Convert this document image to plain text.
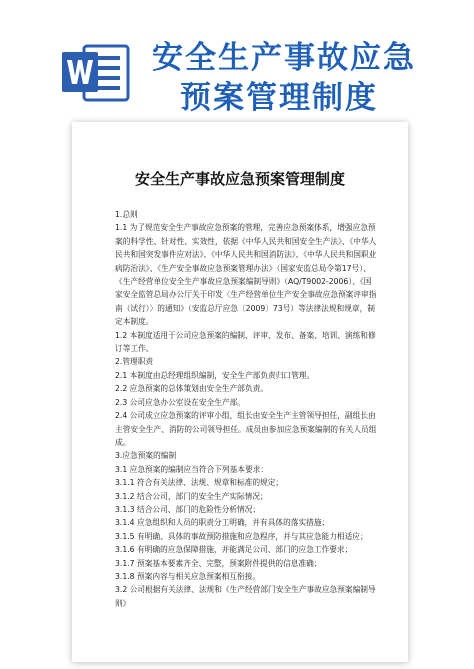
安全生产事故应急
预案管理制度
安全生产事故应急预案管理制度

1.总则

1.1 为了规范安全生产事故应急预案的管理，完善应急预案体系，增强应急预案的科学性、针对性、实效性，依据《中华人民共和国安全生产法》、《中华人民共和国突发事件应对法》、《中华人民共和国消防法》、《中华人民共和国职业病防治法》、《生产安全事故应急预案管理办法》（国家安监总局令第17号）、《生产经营单位安全生产事故应急预案编制导则》（AQ/T9002-2006）、《国家安全监管总局办公厅关于印发〈生产经营单位生产安全事故应急预案评审指南（试行）〉的通知》（安监总厅应急〔2009〕73号）等法律法规和规章，制定本制度。

1.2 本制度适用于公司应急预案的编制、评审、发布、备案、培训、演练和修订等工作。

2.管理职责

2.1 本制度由总经理组织编制，安全生产部负责归口管理。

2.2 应急预案的总体策划由安全生产部负责。

2.3 公司应急办公室设在安全生产部。

2.4 公司成立应急预案的评审小组，组长由安全生产主管领导担任，副组长由主管安全生产、消防的公司领导担任。成员由参加应急预案编制的有关人员组成。

3.应急预案的编制

3.1 应急预案的编制应当符合下列基本要求：

3.1.1 符合有关法律、法规、规章和标准的规定；

3.1.2 结合公司、部门的安全生产实际情况；

3.1.3 结合公司、部门的危险性分析情况；

3.1.4 应急组织和人员的职责分工明确，并有具体的落实措施；

3.1.5 有明确、具体的事故预防措施和应急程序，并与其应急能力相适应；

3.1.6 有明确的应急保障措施，并能满足公司、部门的应急工作要求；

3.1.7 预案基本要素齐全、完整，预案附件提供的信息准确；

3.1.8 预案内容与相关应急预案相互衔接。

3.2 公司根据有关法律、法规和《生产经营部门安全生产事故应急预案编制导则》
